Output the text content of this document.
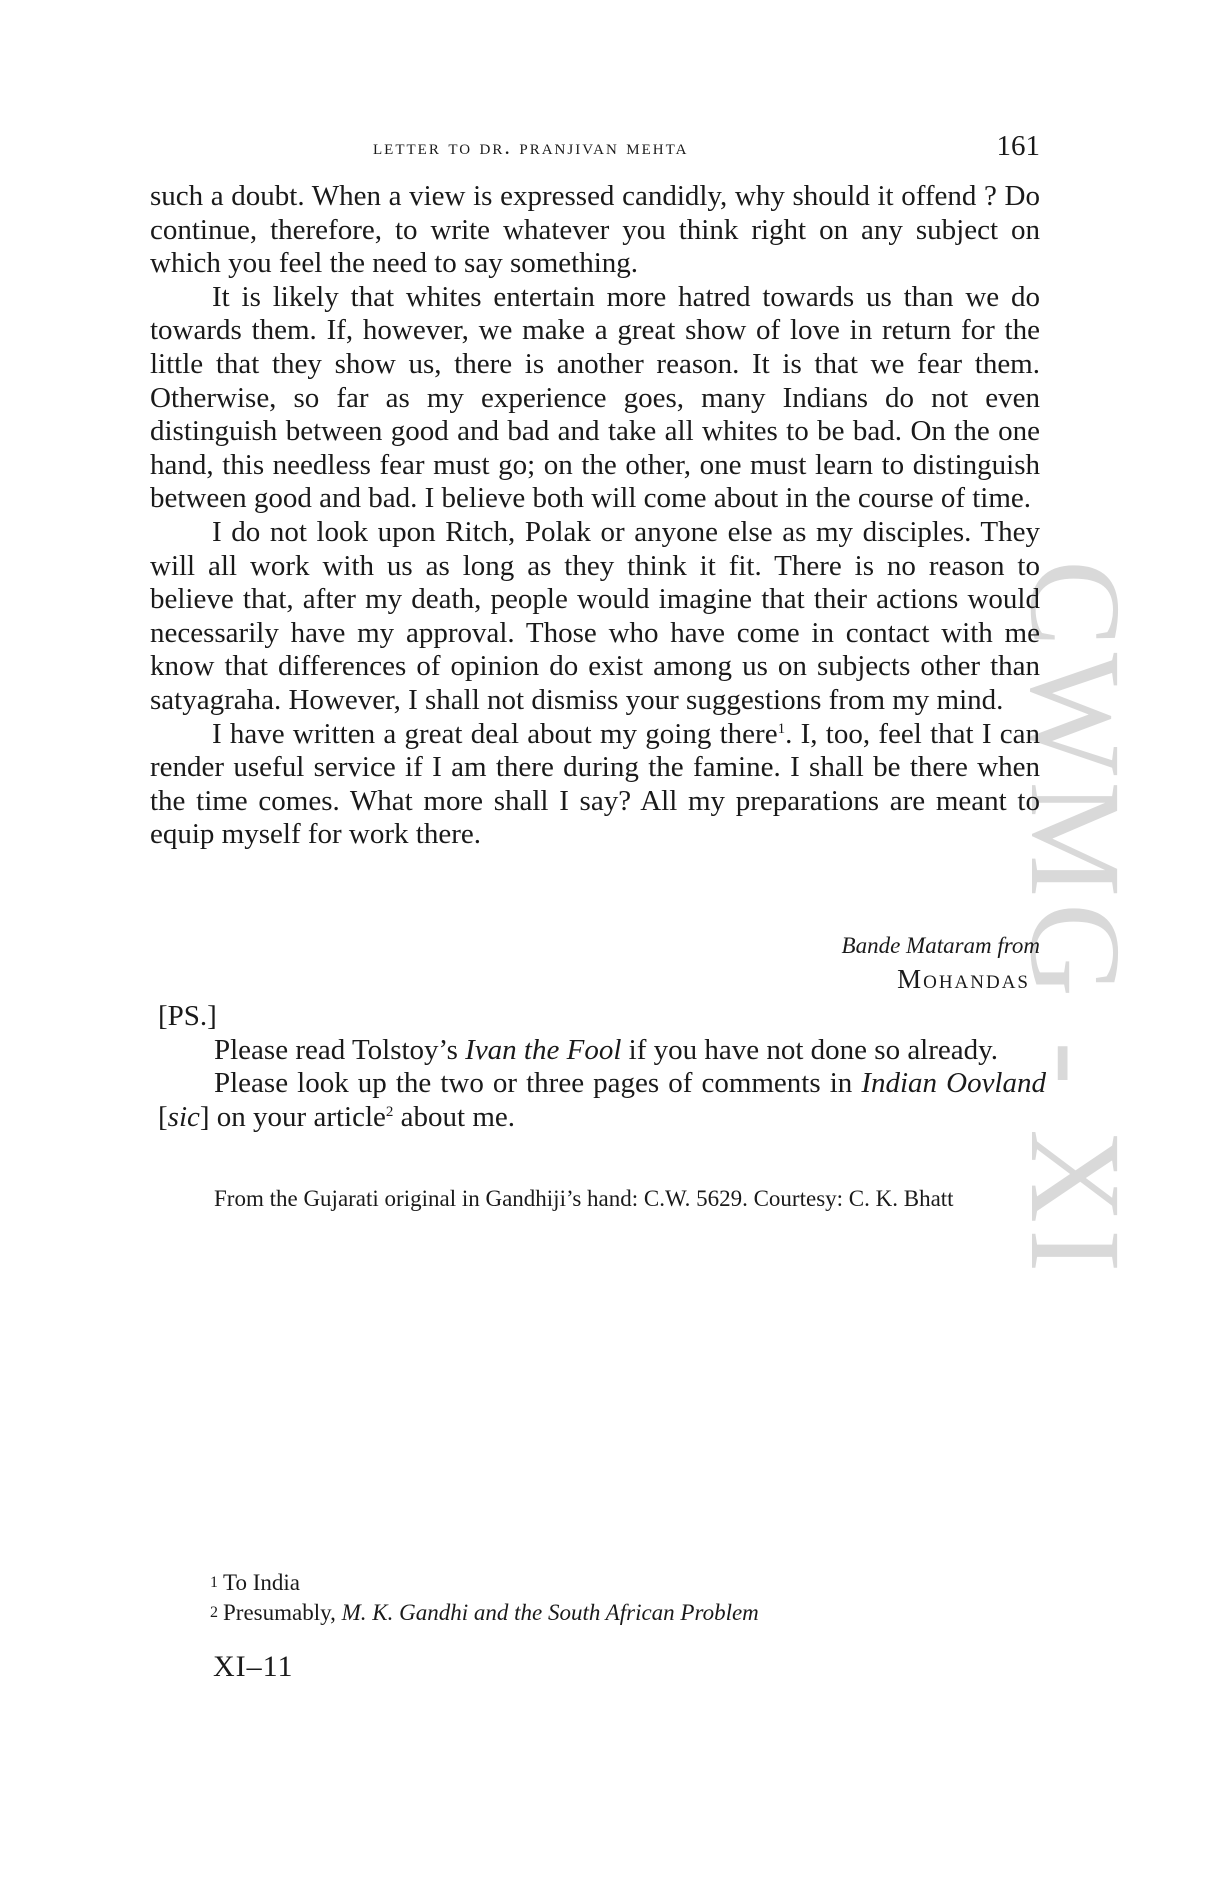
CWMG - XI
letter to dr. pranjivan mehta	161

such a doubt. When a view is expressed candidly, why should it offend ? Do continue, therefore, to write whatever you think right on any subject on which you feel the need to say something.

It is likely that whites entertain more hatred towards us than we do towards them. If, however, we make a great show of love in return for the little that they show us, there is another reason. It is that we fear them. Otherwise, so far as my experience goes, many Indians do not even distinguish between good and bad and take all whites to be bad. On the one hand, this needless fear must go; on the other, one must learn to distinguish between good and bad. I believe both will come about in the course of time.

I do not look upon Ritch, Polak or anyone else as my disciples. They will all work with us as long as they think it fit. There is no reason to believe that, after my death, people would imagine that their actions would necessarily have my approval. Those who have come in contact with me know that differences of opinion do exist among us on subjects other than satyagraha. However, I shall not dismiss your suggestions from my mind.

I have written a great deal about my going there$^1$. I, too, feel that I can render useful service if I am there during the famine. I shall be there when the time comes. What more shall I say? All my preparations are meant to equip myself for work there.

Bande Mataram from
Mohandas

[PS.]

Please read Tolstoy’s Ivan the Fool if you have not done so already.

Please look up the two or three pages of comments in Indian Oovland [sic] on your article$^2$ about me.

From the Gujarati original in Gandhiji’s hand: C.W. 5629. Courtesy: C. K. Bhatt

$^1$ To India

$^2$ Presumably, M. K. Gandhi and the South African Problem

XI–11
